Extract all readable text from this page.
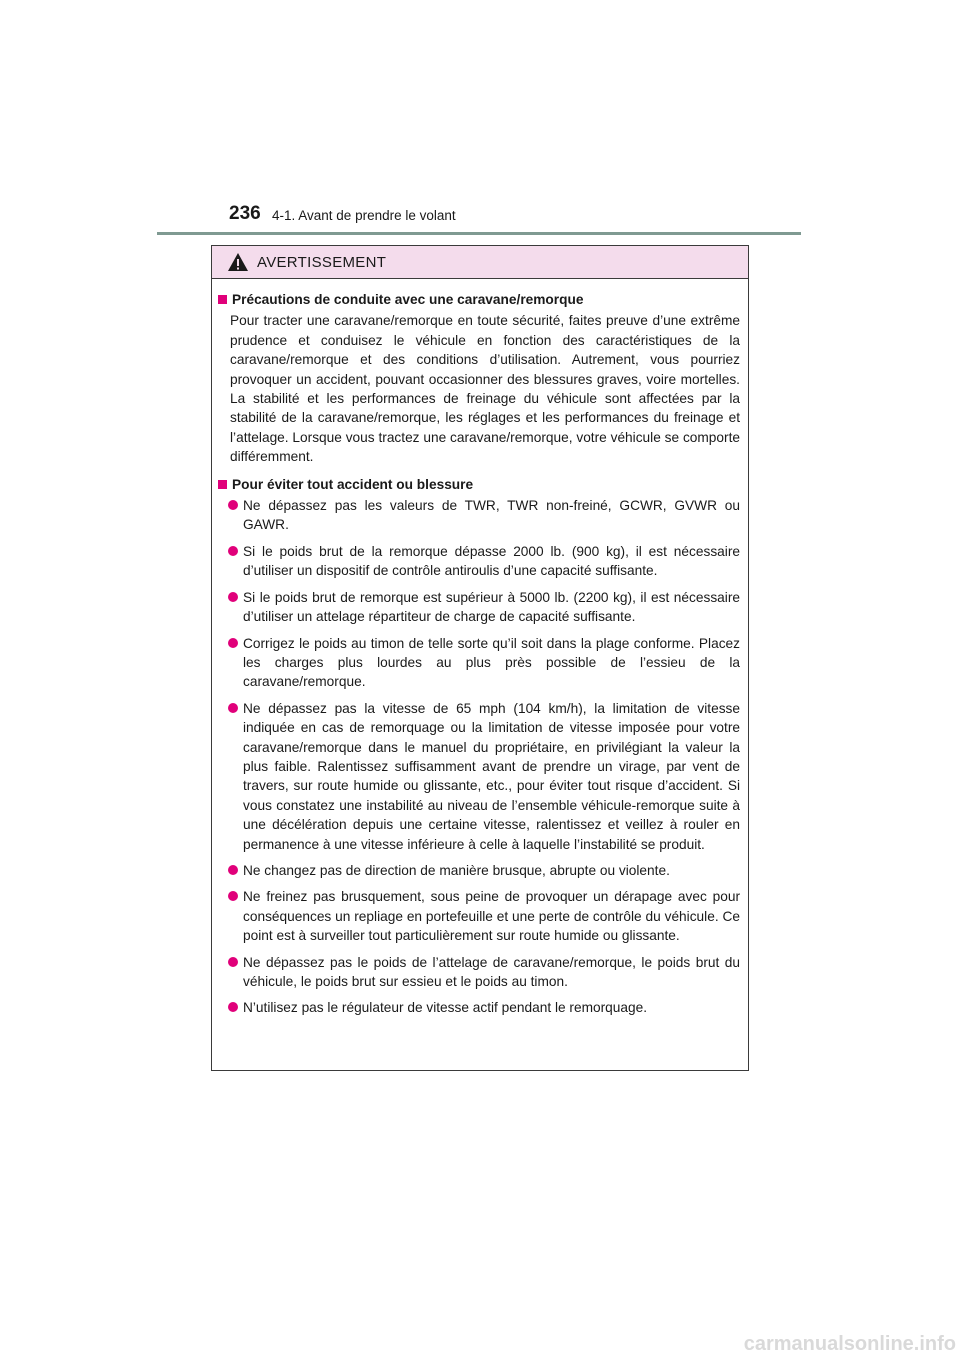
236 4-1. Avant de prendre le volant
AVERTISSEMENT
Précautions de conduite avec une caravane/remorque

Pour tracter une caravane/remorque en toute sécurité, faites preuve d’une extrême prudence et conduisez le véhicule en fonction des caractéristiques de la caravane/remorque et des conditions d’utilisation. Autrement, vous pourriez provoquer un accident, pouvant occasionner des blessures graves, voire mortelles. La stabilité et les performances de freinage du véhicule sont affectées par la stabilité de la caravane/remorque, les réglages et les performances du freinage et l’attelage. Lorsque vous tractez une caravane/remorque, votre véhicule se comporte différemment.

Pour éviter tout accident ou blessure
Ne dépassez pas les valeurs de TWR, TWR non-freiné, GCWR, GVWR ou GAWR.
Si le poids brut de la remorque dépasse 2000 lb. (900 kg), il est nécessaire d’utiliser un dispositif de contrôle antiroulis d’une capacité suffisante.
Si le poids brut de remorque est supérieur à 5000 lb. (2200 kg), il est nécessaire d’utiliser un attelage répartiteur de charge de capacité suffisante.
Corrigez le poids au timon de telle sorte qu’il soit dans la plage conforme. Placez les charges plus lourdes au plus près possible de l’essieu de la caravane/remorque.
Ne dépassez pas la vitesse de 65 mph (104 km/h), la limitation de vitesse indiquée en cas de remorquage ou la limitation de vitesse imposée pour votre caravane/remorque dans le manuel du propriétaire, en privilégiant la valeur la plus faible. Ralentissez suffisamment avant de prendre un virage, par vent de travers, sur route humide ou glissante, etc., pour éviter tout risque d’accident. Si vous constatez une instabilité au niveau de l’ensemble véhicule-remorque suite à une décélération depuis une certaine vitesse, ralentissez et veillez à rouler en permanence à une vitesse inférieure à celle à laquelle l’instabilité se produit.
Ne changez pas de direction de manière brusque, abrupte ou violente.
Ne freinez pas brusquement, sous peine de provoquer un dérapage avec pour conséquences un repliage en portefeuille et une perte de contrôle du véhicule. Ce point est à surveiller tout particulièrement sur route humide ou glissante.
Ne dépassez pas le poids de l’attelage de caravane/remorque, le poids brut du véhicule, le poids brut sur essieu et le poids au timon.
N’utilisez pas le régulateur de vitesse actif pendant le remorquage.
carmanualsonline.info
